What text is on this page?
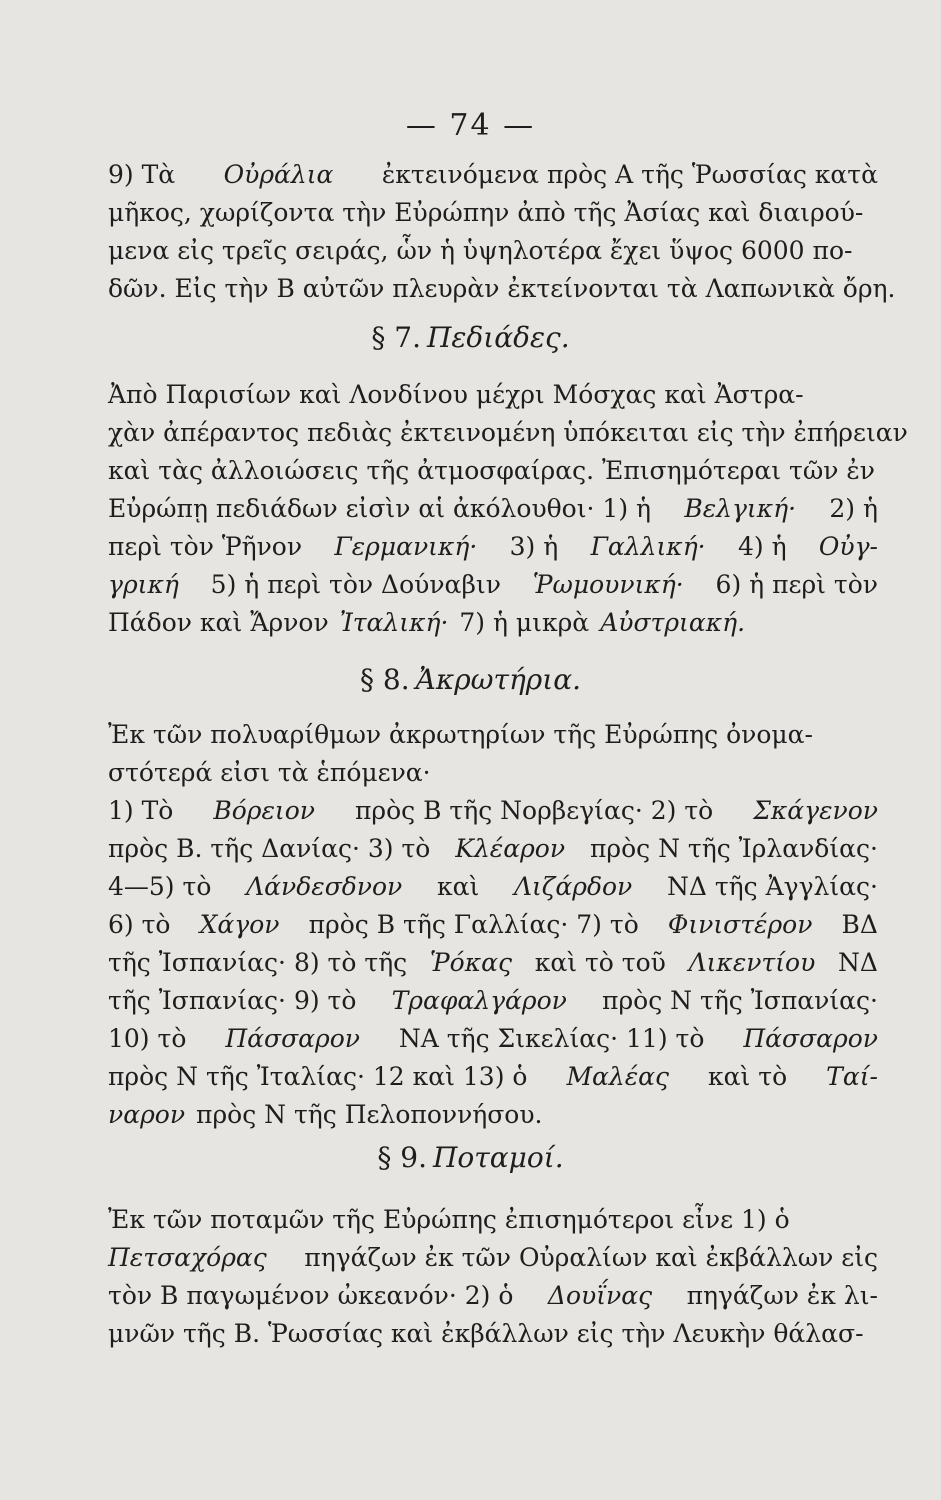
— 74 —
9) Τὰ Οὐράλια ἐκτεινόμενα πρὸς Α τῆς Ῥωσσίας κατὰ
μῆκος, χωρίζοντα τὴν Εὐρώπην ἀπὸ τῆς Ἀσίας καὶ διαιρού-
μενα εἰς τρεῖς σειράς, ὧν ἡ ὑψηλοτέρα ἔχει ὕψος 6000 πο-
δῶν. Εἰς τὴν Β αὐτῶν πλευρὰν ἐκτείνονται τὰ Λαπωνικὰ ὄρη.
§ 7. Πεδιάδες.
Ἀπὸ Παρισίων καὶ Λονδίνου μέχρι Μόσχας καὶ Ἀστρα-
χὰν ἀπέραντος πεδιὰς ἐκτεινομένη ὑπόκειται εἰς τὴν ἐπήρειαν
καὶ τὰς ἀλλοιώσεις τῆς ἀτμοσφαίρας. Ἐπισημότεραι τῶν ἐν
Εὐρώπῃ πεδιάδων εἰσὶν αἱ ἀκόλουθοι· 1) ἡ Βελγική· 2) ἡ
περὶ τὸν Ῥῆνον Γερμανική· 3) ἡ Γαλλική· 4) ἡ Οὐγ-
γρική 5) ἡ περὶ τὸν Δούναβιν Ῥωμουνική· 6) ἡ περὶ τὸν
Πάδον καὶ Ἄρνον Ἰταλική· 7) ἡ μικρὰ Αὐστριακή.
§ 8. Ἀκρωτήρια.
Ἐκ τῶν πολυαρίθμων ἀκρωτηρίων τῆς Εὐρώπης ὀνομα-
στότερά εἰσι τὰ ἑπόμενα·
1) Τὸ Βόρειον πρὸς Β τῆς Νορβεγίας· 2) τὸ Σκάγενον
πρὸς Β. τῆς Δανίας· 3) τὸ Κλέαρον πρὸς Ν τῆς Ἰρλανδίας·
4—5) τὸ Λάνδεσδνον καὶ Λιζάρδον ΝΔ τῆς Ἀγγλίας·
6) τὸ Χάγον πρὸς Β τῆς Γαλλίας· 7) τὸ Φινιστέρον ΒΔ
τῆς Ἰσπανίας· 8) τὸ τῆς Ῥόκας καὶ τὸ τοῦ Λικεντίου ΝΔ
τῆς Ἰσπανίας· 9) τὸ Τραφαλγάρον πρὸς Ν τῆς Ἰσπανίας·
10) τὸ Πάσσαρον ΝΑ τῆς Σικελίας· 11) τὸ Πάσσαρον
πρὸς Ν τῆς Ἰταλίας· 12 καὶ 13) ὁ Μαλέας καὶ τὸ Ταί-
ναρον πρὸς Ν τῆς Πελοποννήσου.
§ 9. Ποταμοί.
Ἐκ τῶν ποταμῶν τῆς Εὐρώπης ἐπισημότεροι εἶνε 1) ὁ
Πετσαχόρας πηγάζων ἐκ τῶν Οὐραλίων καὶ ἐκβάλλων εἰς
τὸν Β παγωμένον ὠκεανόν· 2) ὁ Δουΐνας πηγάζων ἐκ λι-
μνῶν τῆς Β. Ῥωσσίας καὶ ἐκβάλλων εἰς τὴν Λευκὴν θάλασ-
